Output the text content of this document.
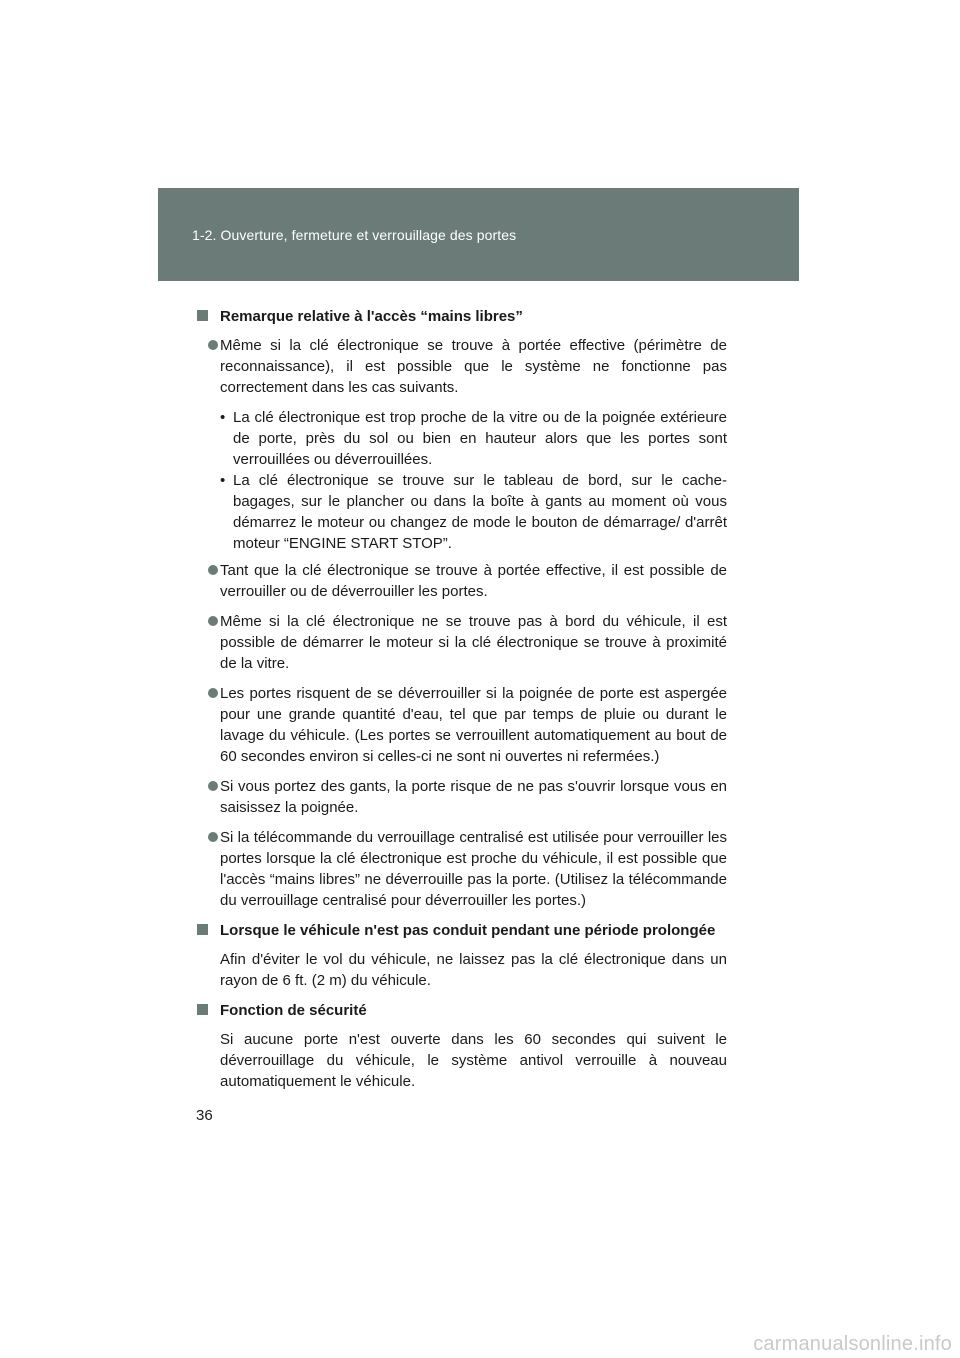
1-2. Ouverture, fermeture et verrouillage des portes
Remarque relative à l'accès “mains libres”
Même si la clé électronique se trouve à portée effective (périmètre de reconnaissance), il est possible que le système ne fonctionne pas correctement dans les cas suivants.
• La clé électronique est trop proche de la vitre ou de la poignée extérieure de porte, près du sol ou bien en hauteur alors que les portes sont verrouillées ou déverrouillées.
• La clé électronique se trouve sur le tableau de bord, sur le cache-bagages, sur le plancher ou dans la boîte à gants au moment où vous démarrez le moteur ou changez de mode le bouton de démarrage/ d'arrêt moteur “ENGINE START STOP”.
Tant que la clé électronique se trouve à portée effective, il est possible de verrouiller ou de déverrouiller les portes.
Même si la clé électronique ne se trouve pas à bord du véhicule, il est possible de démarrer le moteur si la clé électronique se trouve à proximité de la vitre.
Les portes risquent de se déverrouiller si la poignée de porte est aspergée pour une grande quantité d'eau, tel que par temps de pluie ou durant le lavage du véhicule. (Les portes se verrouillent automatiquement au bout de 60 secondes environ si celles-ci ne sont ni ouvertes ni refermées.)
Si vous portez des gants, la porte risque de ne pas s'ouvrir lorsque vous en saisissez la poignée.
Si la télécommande du verrouillage centralisé est utilisée pour verrouiller les portes lorsque la clé électronique est proche du véhicule, il est possible que l'accès “mains libres” ne déverrouille pas la porte. (Utilisez la télécommande du verrouillage centralisé pour déverrouiller les portes.)
Lorsque le véhicule n'est pas conduit pendant une période prolongée
Afin d'éviter le vol du véhicule, ne laissez pas la clé électronique dans un rayon de 6 ft. (2 m) du véhicule.
Fonction de sécurité
Si aucune porte n'est ouverte dans les 60 secondes qui suivent le déverrouillage du véhicule, le système antivol verrouille à nouveau automatiquement le véhicule.
36
carmanualsonline.info
